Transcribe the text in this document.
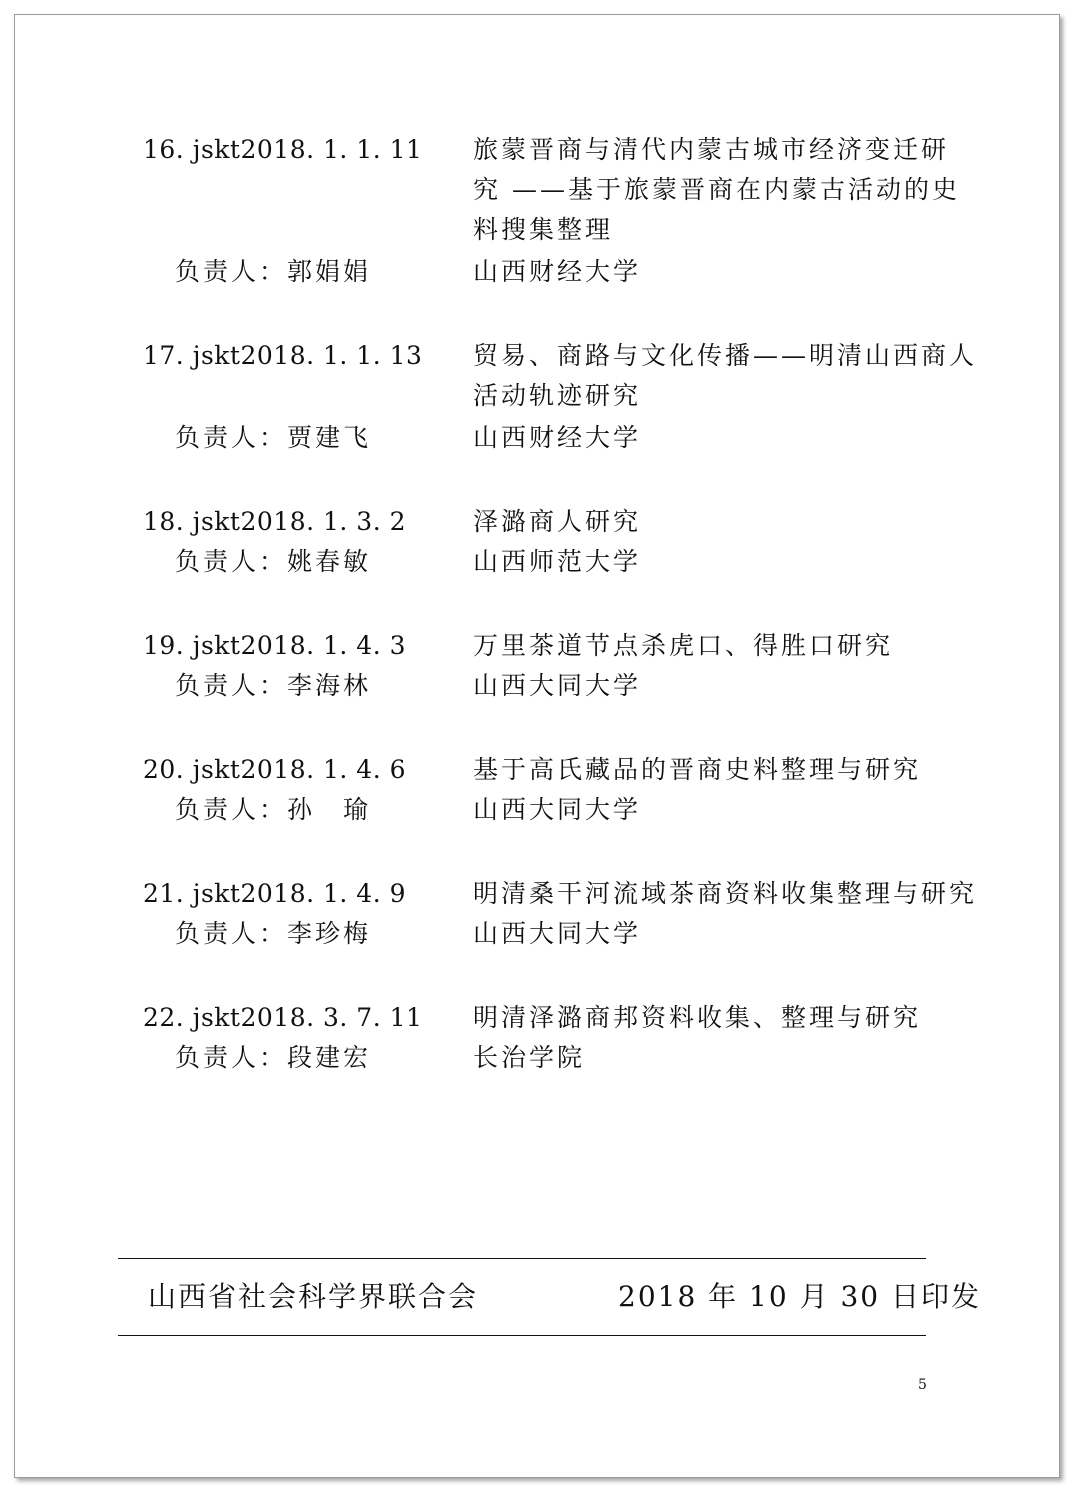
16. jskt2018. 1. 1. 11 旅蒙晋商与清代内蒙古城市经济变迁研
究 ——基于旅蒙晋商在内蒙古活动的史
料搜集整理
负责人：郭娟娟	山西财经大学
17. jskt2018. 1. 1. 13 贸易、商路与文化传播——明清山西商人
活动轨迹研究
负责人：贾建飞	山西财经大学
18. jskt2018. 1. 3. 2	泽潞商人研究
负责人：姚春敏	山西师范大学
19. jskt2018. 1. 4. 3	万里茶道节点杀虎口、得胜口研究
负责人：李海林	山西大同大学
20. jskt2018. 1. 4. 6	基于高氏藏品的晋商史料整理与研究
负责人：孙　瑜	山西大同大学
21. jskt2018. 1. 4. 9	明清桑干河流域茶商资料收集整理与研究
负责人：李珍梅	山西大同大学
22. jskt2018. 3. 7. 11 明清泽潞商邦资料收集、整理与研究
负责人：段建宏	长治学院
山西省社会科学界联合会	2018 年 10 月 30 日印发
5
